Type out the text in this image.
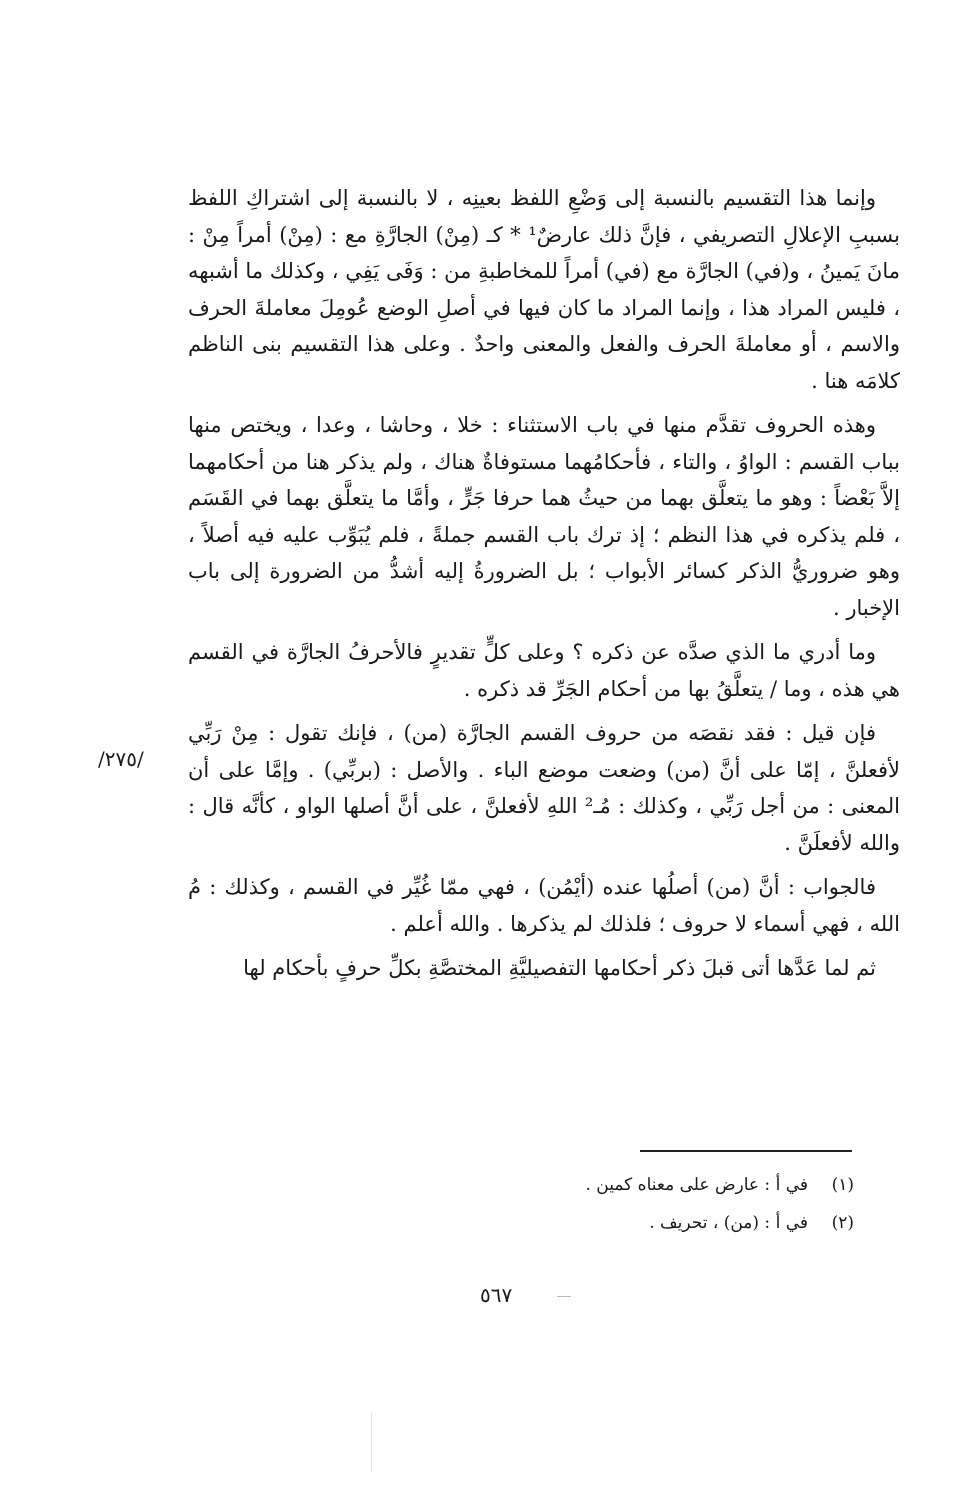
وإنما هذا التقسيم بالنسبة إلى وَضْعِ اللفظ بعينِه ، لا بالنسبة إلى اشتراكِ اللفظ بسببِ الإعلالِ التصريفي ، فإنَّ ذلك عارضٌ¹ * كـ (مِنْ) الجارَّةِ مع : (مِنْ) أمراً مِنْ : مانَ يَمينُ ، و(في) الجارَّة مع (في) أمراً للمخاطبةِ من : وَفَى يَفِي ، وكذلك ما أشبهه ، فليس المراد هذا ، وإنما المراد ما كان فيها في أصلِ الوضع عُومِلَ معاملةَ الحرف والاسم ، أو معاملةَ الحرف والفعل والمعنى واحدٌ . وعلى هذا التقسيم بنى الناظم كلامَه هنا .

وهذه الحروف تقدَّم منها في باب الاستثناء : خلا ، وحاشا ، وعدا ، ويختص منها بباب القسم : الواوُ ، والتاء ، فأحكامُهما مستوفاةٌ هناك ، ولم يذكر هنا من أحكامهما إلاَّ بَعْضاً : وهو ما يتعلَّق بهما من حيثُ هما حرفا جَرٍّ ، وأمَّا ما يتعلَّق بهما في القَسَم ، فلم يذكره في هذا النظم ؛ إذ ترك باب القسم جملةً ، فلم يُبَوِّب عليه فيه أصلاً ، وهو ضروريُّ الذكر كسائر الأبواب ؛ بل الضرورةُ إليه أشدُّ من الضرورة إلى باب الإخبار .

وما أدري ما الذي صدَّه عن ذكره ؟ وعلى كلٍّ تقديرٍ فالأحرفُ الجارَّة في القسم هي هذه ، وما / يتعلَّقُ بها من أحكام الجَرِّ قد ذكره .

فإن قيل : فقد نقصَه من حروف القسم الجارَّة (من) ، فإنك تقول : مِنْ رَبِّي لأفعلنَّ ، إمّا على أنَّ (من) وضعت موضع الباء . والأصل : (بربِّي) . وإمَّا على أن المعنى : من أجل رَبِّي ، وكذلك : مُـ² اللهِ لأفعلنَّ ، على أنَّ أصلها الواو ، كأنَّه قال : والله لأفعلَنَّ .

فالجواب : أنَّ (من) أصلُها عنده (أيْمُن) ، فهي ممّا غُيِّر في القسم ، وكذلك : مُ الله ، فهي أسماء لا حروف ؛ فلذلك لم يذكرها . والله أعلم .

ثم لما عَدَّها أتى قبلَ ذكر أحكامها التفصيليَّةِ المختصَّةِ بكلِّ حرفٍ بأحكام لها

/٢٧٥/
(١)
في أ : عارض على معناه كمين .
(٢)
في أ : (من) ، تحريف .
٥٦٧
